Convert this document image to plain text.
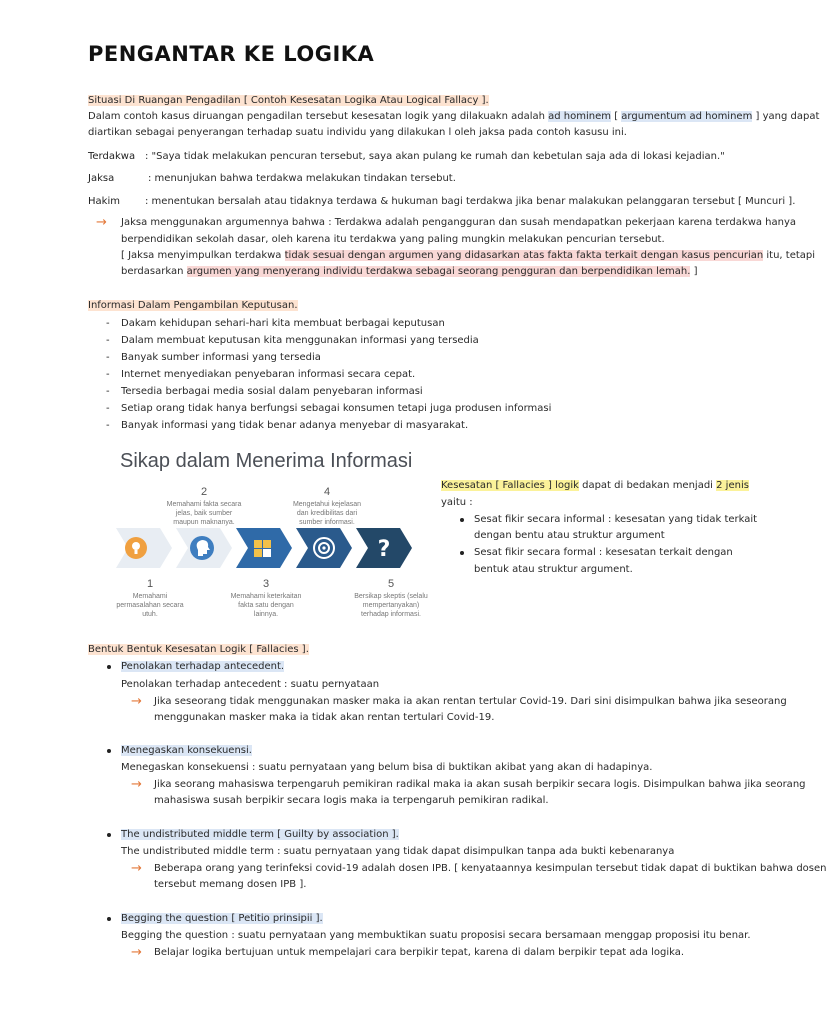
PENGANTAR KE LOGIKA
Situasi Di Ruangan Pengadilan [ Contoh Kesesatan Logika Atau Logical Fallacy ].
Dalam contoh kasus diruangan pengadilan tersebut kesesatan logik yang dilakuakn adalah ad hominem [ argumentum ad hominem ] yang dapat
diartikan sebagai penyerangan terhadap suatu individu yang dilakukan l oleh jaksa pada contoh kasusu ini.
Terdakwa : "Saya tidak melakukan pencuran tersebut, saya akan pulang ke rumah dan kebetulan saja ada di lokasi kejadian."
Jaksa	: menunjukan bahwa terdakwa melakukan tindakan tersebut.
Hakim	: menentukan bersalah atau tidaknya terdawa & hukuman bagi terdakwa jika benar malakukan pelanggaran tersebut [ Muncuri ].
→ Jaksa menggunakan argumennya bahwa : Terdakwa adalah pengangguran dan susah mendapatkan pekerjaan karena terdakwa hanya
berpendidikan sekolah dasar, oleh karena itu terdakwa yang paling mungkin melakukan pencurian tersebut.
[ Jaksa menyimpulkan terdakwa tidak sesuai dengan argumen yang didasarkan atas fakta fakta terkait dengan kasus pencurian itu, tetapi
berdasarkan argumen yang menyerang individu terdakwa sebagai seorang pengguran dan berpendidikan lemah. ]
Informasi Dalam Pengambilan Keputusan.
- Dakam kehidupan sehari-hari kita membuat berbagai keputusan
- Dalam membuat keputusan kita menggunakan informasi yang tersedia
- Banyak sumber informasi yang tersedia
- Internet menyediakan penyebaran informasi secara cepat.
- Tersedia berbagai media sosial dalam penyebaran informasi
- Setiap orang tidak hanya berfungsi sebagai konsumen tetapi juga produsen informasi
- Banyak informasi yang tidak benar adanya menyebar di masyarakat.
Sikap dalam Menerima Informasi
2
Memahami fakta secara jelas, baik sumber maupun maknanya.
4
Mengetahui kejelasan dan kredibilitas dari sumber informasi.
?
1
Memahami permasalahan secara utuh.
3
Memahami keterkaitan fakta satu dengan lainnya.
5
Bersikap skeptis (selalu mempertanyakan) terhadap informasi.
Kesesatan [ Fallacies ] logik dapat di bedakan menjadi 2 jenis
yaitu :
Sesat fikir secara informal : kesesatan yang tidak terkait
dengan bentu atau struktur argument
Sesat fikir secara formal : kesesatan terkait dengan
bentuk atau struktur argument.
Bentuk Bentuk Kesesatan Logik [ Fallacies ].
Penolakan terhadap antecedent.
Penolakan terhadap antecedent : suatu pernyataan
→ Jika seseorang tidak menggunakan masker maka ia akan rentan tertular Covid-19. Dari sini disimpulkan bahwa jika seseorang
menggunakan masker maka ia tidak akan rentan tertulari Covid-19.
Menegaskan konsekuensi.
Menegaskan konsekuensi : suatu pernyataan yang belum bisa di buktikan akibat yang akan di hadapinya.
→ Jika seorang mahasiswa terpengaruh pemikiran radikal maka ia akan susah berpikir secara logis. Disimpulkan bahwa jika seorang
mahasiswa susah berpikir secara logis maka ia terpengaruh pemikiran radikal.
The undistributed middle term [ Guilty by association ].
The undistributed middle term : suatu pernyataan yang tidak dapat disimpulkan tanpa ada bukti kebenaranya
→ Beberapa orang yang terinfeksi covid-19 adalah dosen IPB. [ kenyataannya kesimpulan tersebut tidak dapat di buktikan bahwa dosen
tersebut memang dosen IPB ].
Begging the question [ Petitio prinsipii ].
Begging the question : suatu pernyataan yang membuktikan suatu proposisi secara bersamaan menggap proposisi itu benar.
→ Belajar logika bertujuan untuk mempelajari cara berpikir tepat, karena di dalam berpikir tepat ada logika.
